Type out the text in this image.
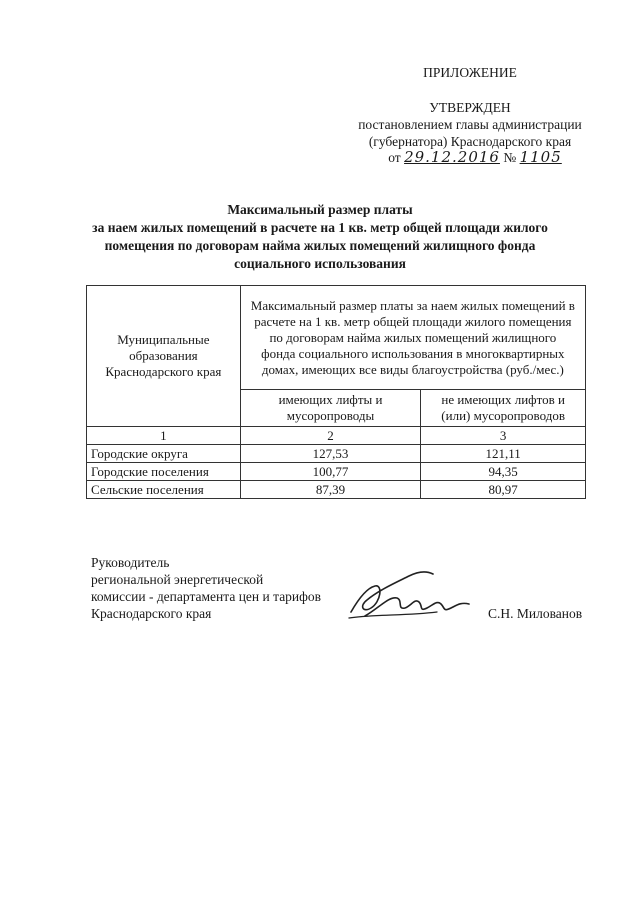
ПРИЛОЖЕНИЕ
УТВЕРЖДЕН
постановлением главы администрации
(губернатора) Краснодарского края
от 29.12.2016 № 1105
Максимальный размер платы
за наем жилых помещений в расчете на 1 кв. метр общей площади жилого
помещения по договорам найма жилых помещений жилищного фонда
социального использования
Муниципальные образования Краснодарского края	Максимальный размер платы за наем жилых помещений в расчете на 1 кв. метр общей площади жилого помещения по договорам найма жилых помещений жилищного фонда социального использования в многоквартирных домах, имеющих все виды благоустройства (руб./мес.)	
	имеющих лифты и мусоропроводы	не имеющих лифтов и (или) мусоропроводов
1	2	3
Городские округа	127,53	121,11
Городские поселения	100,77	94,35
Сельские поселения	87,39	80,97
Руководитель
региональной энергетической
комиссии - департамента цен и тарифов
Краснодарского края	С.Н. Милованов
